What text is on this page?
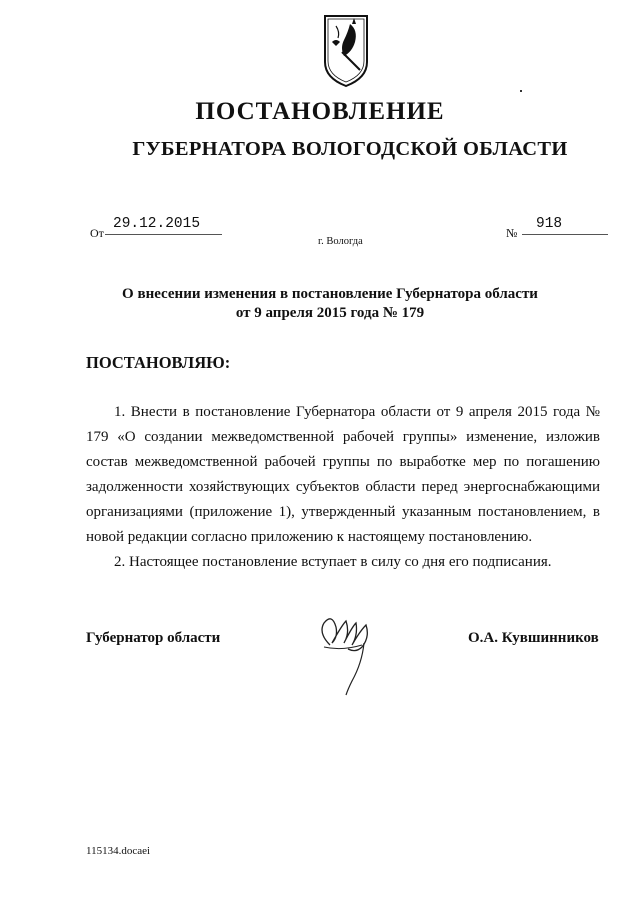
ПОСТАНОВЛЕНИЕ
ГУБЕРНАТОРА ВОЛОГОДСКОЙ ОБЛАСТИ
От
29.12.2015
№
918
г. Вологда
О внесении изменения в постановление Губернатора области
от 9 апреля 2015 года № 179
ПОСТАНОВЛЯЮ:

1. Внести в постановление Губернатора области от 9 апреля 2015 года № 179 «О создании межведомственной рабочей группы» изменение, изложив состав межведомственной рабочей группы по выработке мер по погашению задолженности хозяйствующих субъектов области перед энергоснабжающими организациями (приложение 1), утвержденный указанным постановлением, в новой редакции согласно приложению к настоящему постановлению.

2. Настоящее постановление вступает в силу со дня его подписания.

Губернатор области	О.А. Кувшинников
115134.docaei
